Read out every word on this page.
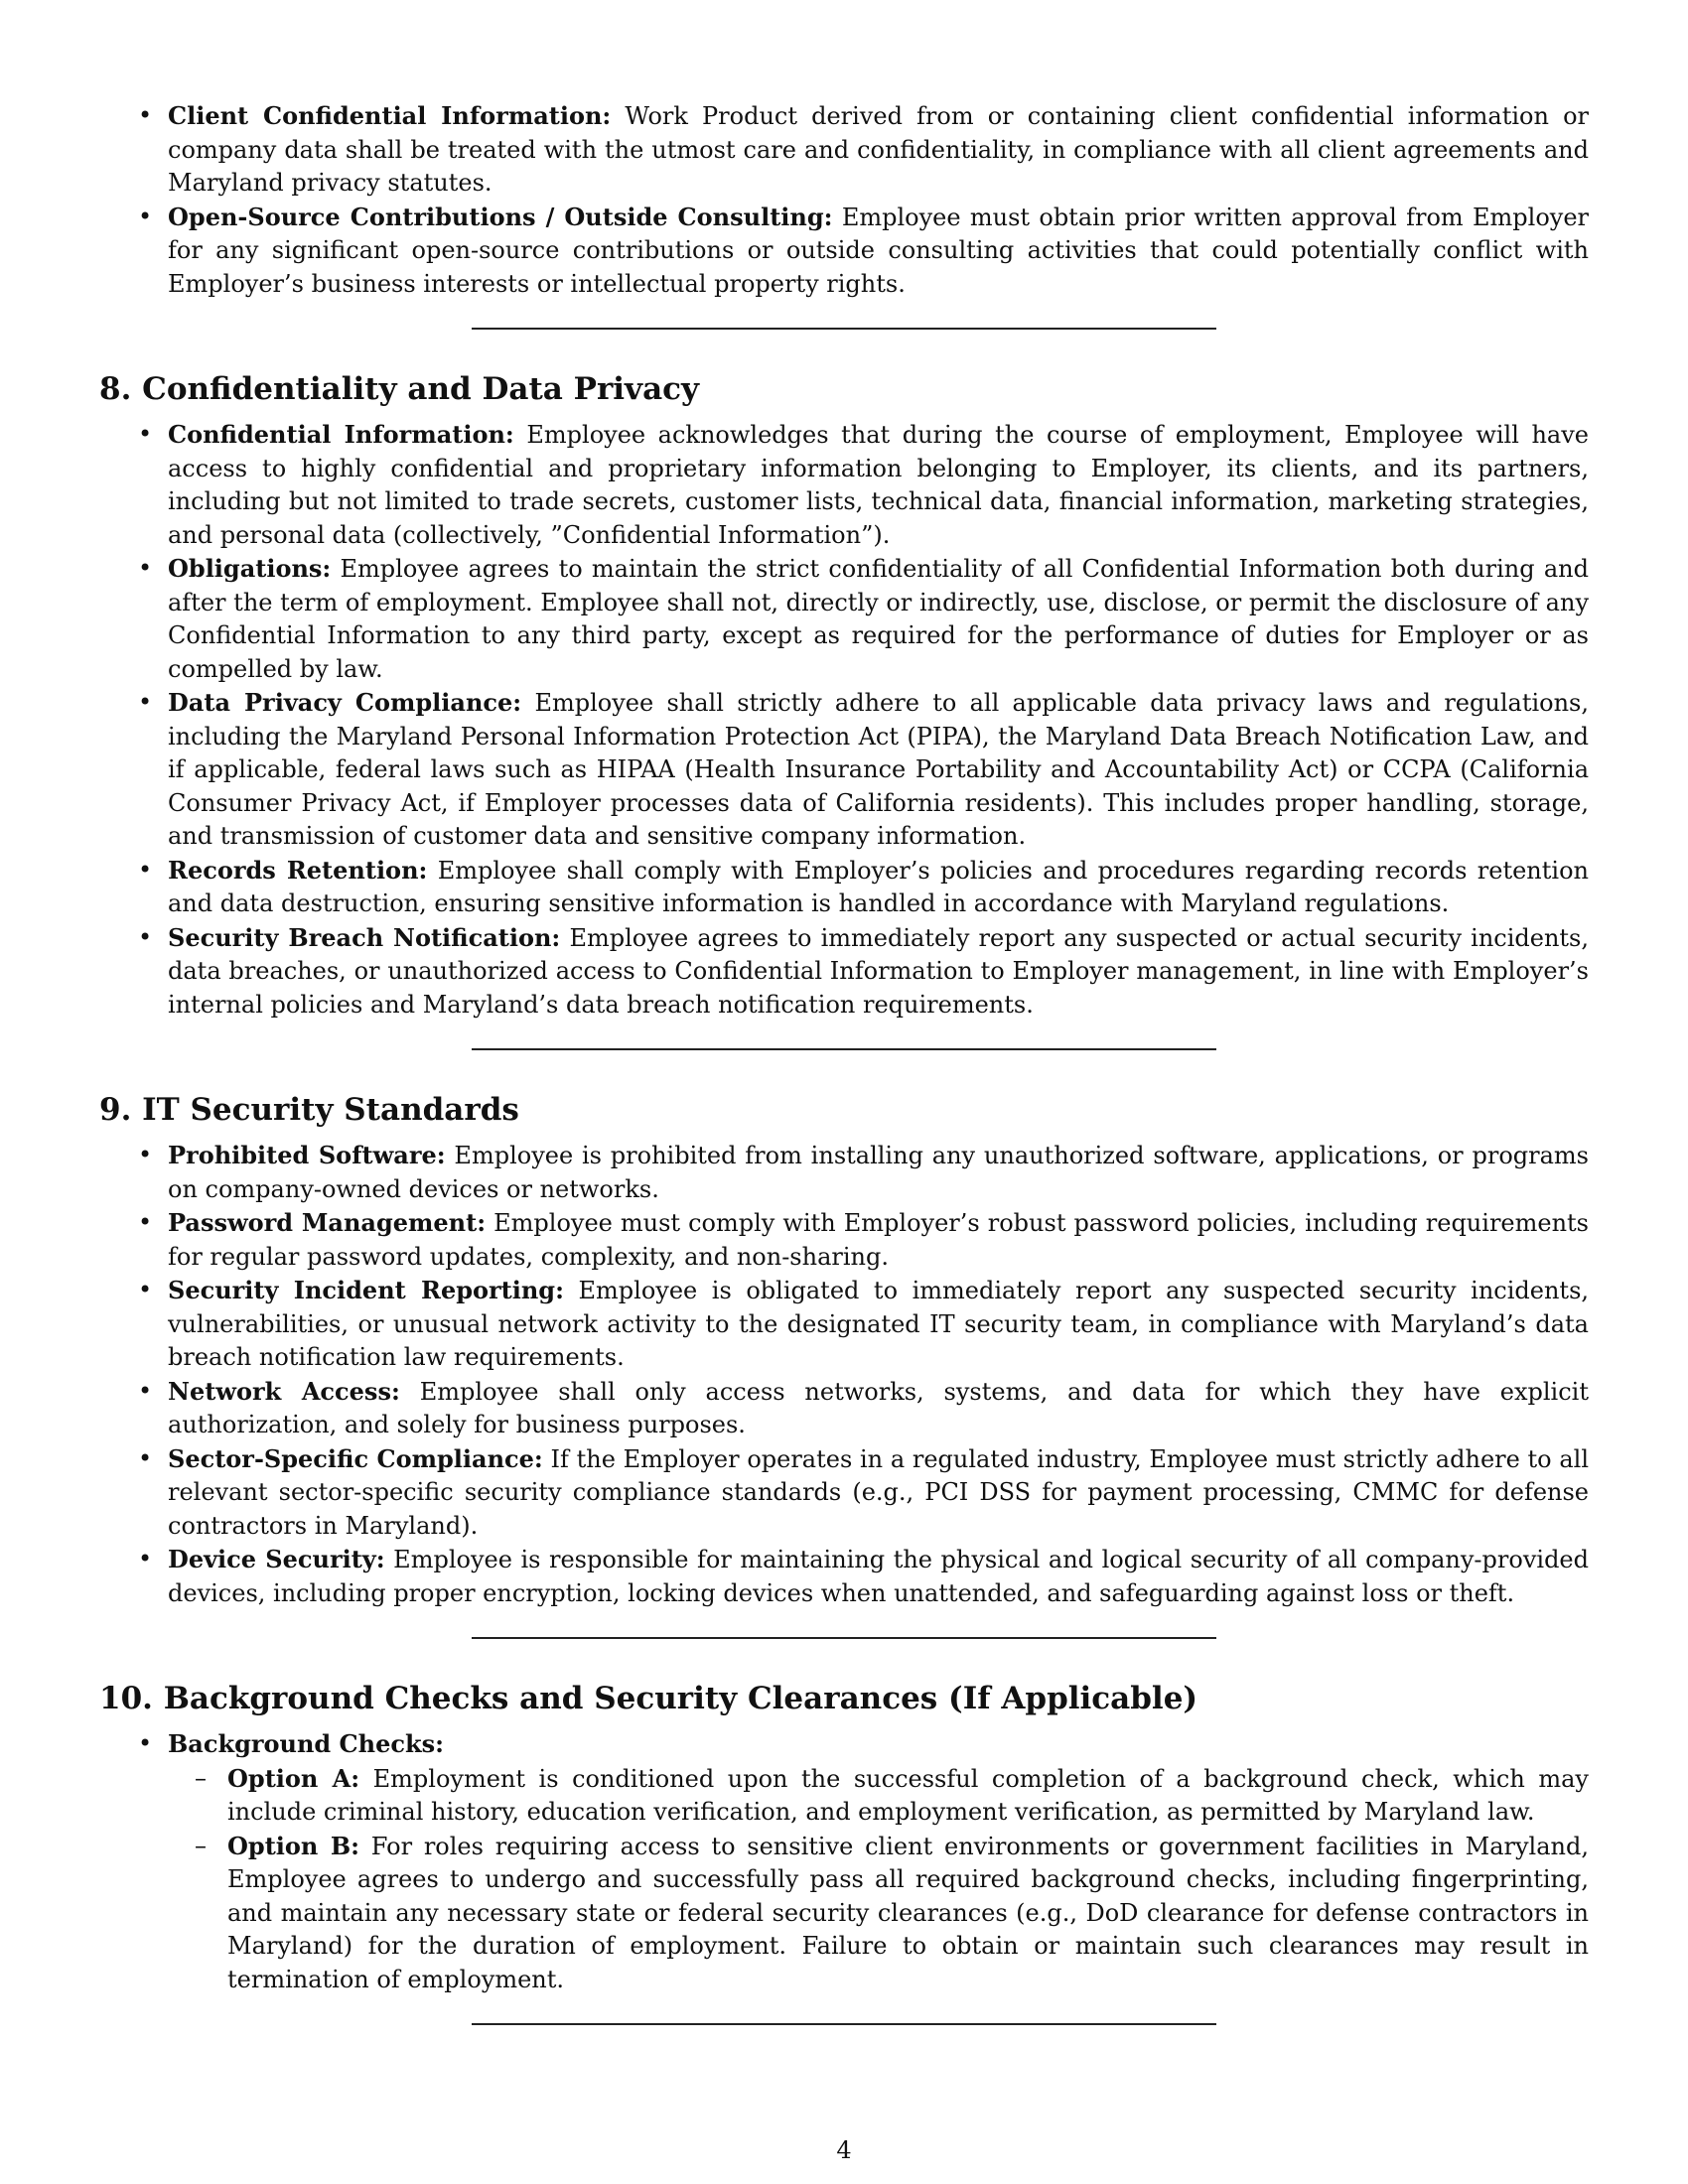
• Client Confidential Information: Work Product derived from or containing client confidential information or company data shall be treated with the utmost care and confidentiality, in compliance with all client agreements and Maryland privacy statutes.
• Open-Source Contributions / Outside Consulting: Employee must obtain prior written approval from Employer for any significant open-source contributions or outside consulting activities that could potentially conflict with Employer’s business interests or intellectual property rights.
8. Confidentiality and Data Privacy
• Confidential Information: Employee acknowledges that during the course of employment, Employee will have access to highly confidential and proprietary information belonging to Employer, its clients, and its partners, including but not limited to trade secrets, customer lists, technical data, financial information, marketing strategies, and personal data (collectively, ”Confidential Information”).
• Obligations: Employee agrees to maintain the strict confidentiality of all Confidential Information both during and after the term of employment. Employee shall not, directly or indirectly, use, disclose, or permit the disclosure of any Confidential Information to any third party, except as required for the performance of duties for Employer or as compelled by law.
• Data Privacy Compliance: Employee shall strictly adhere to all applicable data privacy laws and regulations, including the Maryland Personal Information Protection Act (PIPA), the Maryland Data Breach Notification Law, and if applicable, federal laws such as HIPAA (Health Insurance Portability and Accountability Act) or CCPA (California Consumer Privacy Act, if Employer processes data of California residents). This includes proper handling, storage, and transmission of customer data and sensitive company information.
• Records Retention: Employee shall comply with Employer’s policies and procedures regarding records retention and data destruction, ensuring sensitive information is handled in accordance with Maryland regulations.
• Security Breach Notification: Employee agrees to immediately report any suspected or actual security incidents, data breaches, or unauthorized access to Confidential Information to Employer management, in line with Employer’s internal policies and Maryland’s data breach notification requirements.
9. IT Security Standards
• Prohibited Software: Employee is prohibited from installing any unauthorized software, applications, or programs on company-owned devices or networks.
• Password Management: Employee must comply with Employer’s robust password policies, including requirements for regular password updates, complexity, and non-sharing.
• Security Incident Reporting: Employee is obligated to immediately report any suspected security incidents, vulnerabilities, or unusual network activity to the designated IT security team, in compliance with Maryland’s data breach notification law requirements.
• Network Access: Employee shall only access networks, systems, and data for which they have explicit authorization, and solely for business purposes.
• Sector-Specific Compliance: If the Employer operates in a regulated industry, Employee must strictly adhere to all relevant sector-specific security compliance standards (e.g., PCI DSS for payment processing, CMMC for defense contractors in Maryland).
• Device Security: Employee is responsible for maintaining the physical and logical security of all company-provided devices, including proper encryption, locking devices when unattended, and safeguarding against loss or theft.
10. Background Checks and Security Clearances (If Applicable)
• Background Checks:
– Option A: Employment is conditioned upon the successful completion of a background check, which may include criminal history, education verification, and employment verification, as permitted by Maryland law.
– Option B: For roles requiring access to sensitive client environments or government facilities in Maryland, Employee agrees to undergo and successfully pass all required background checks, including fingerprinting, and maintain any necessary state or federal security clearances (e.g., DoD clearance for defense contractors in Maryland) for the duration of employment. Failure to obtain or maintain such clearances may result in termination of employment.
4
